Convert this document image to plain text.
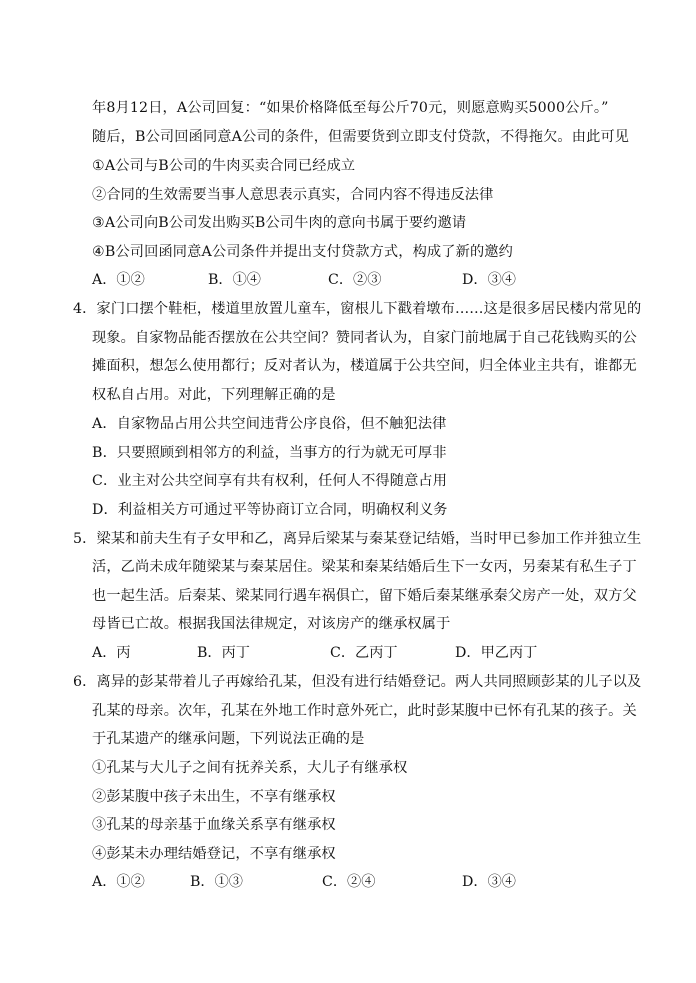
年8月12日，A公司回复：“如果价格降低至每公斤70元，则愿意购买5000公斤。”
随后，B公司回函同意A公司的条件，但需要货到立即支付贷款，不得拖欠。由此可见
①A公司与B公司的牛肉买卖合同已经成立
②合同的生效需要当事人意思表示真实，合同内容不得违反法律
③A公司向B公司发出购买B公司牛肉的意向书属于要约邀请
④B公司回函同意A公司条件并提出支付贷款方式，构成了新的邀约
A．①②	B．①④	C．②③	D．③④
4．家门口摆个鞋柜，楼道里放置儿童车，窗根儿下戳着墩布……这是很多居民楼内常见的
现象。自家物品能否摆放在公共空间？赞同者认为，自家门前地属于自己花钱购买的公
摊面积，想怎么使用都行；反对者认为，楼道属于公共空间，归全体业主共有，谁都无
权私自占用。对此，下列理解正确的是
A．自家物品占用公共空间违背公序良俗，但不触犯法律
B．只要照顾到相邻方的利益，当事方的行为就无可厚非
C．业主对公共空间享有共有权利，任何人不得随意占用
D．利益相关方可通过平等协商订立合同，明确权利义务
5．梁某和前夫生有子女甲和乙，离异后梁某与秦某登记结婚，当时甲已参加工作并独立生
活，乙尚未成年随梁某与秦某居住。梁某和秦某结婚后生下一女丙，另秦某有私生子丁
也一起生活。后秦某、梁某同行遇车祸俱亡，留下婚后秦某继承秦父房产一处，双方父
母皆已亡故。根据我国法律规定，对该房产的继承权属于
A．丙	B．丙丁	C．乙丙丁	D．甲乙丙丁
6．离异的彭某带着儿子再嫁给孔某，但没有进行结婚登记。两人共同照顾彭某的儿子以及
孔某的母亲。次年，孔某在外地工作时意外死亡，此时彭某腹中已怀有孔某的孩子。关
于孔某遗产的继承问题，下列说法正确的是
①孔某与大儿子之间有抚养关系，大儿子有继承权
②彭某腹中孩子未出生，不享有继承权
③孔某的母亲基于血缘关系享有继承权
④彭某未办理结婚登记，不享有继承权
A．①②	B．①③	C．②④	D．③④
